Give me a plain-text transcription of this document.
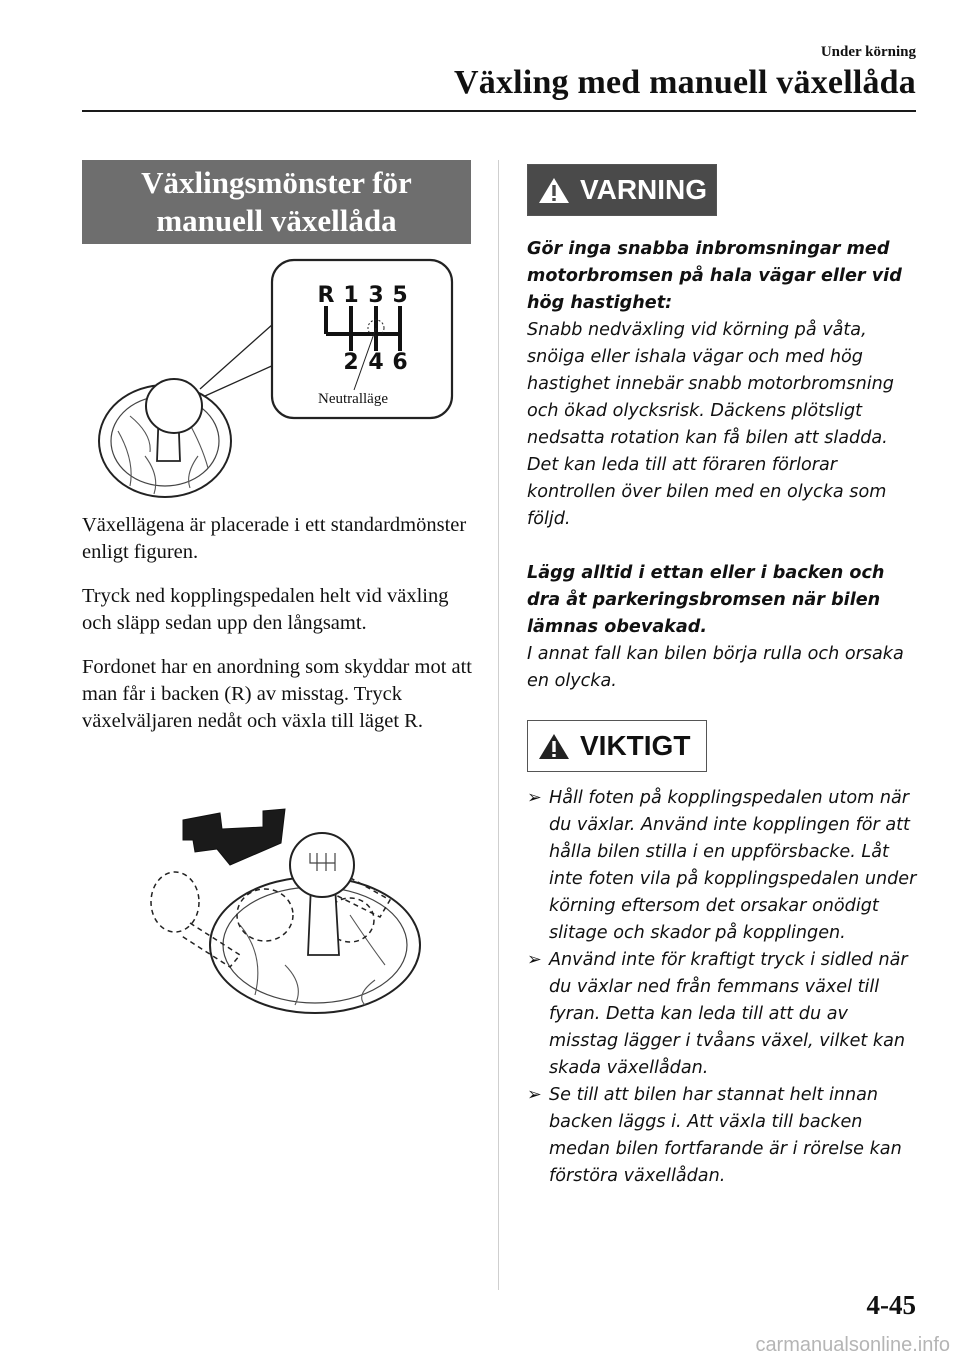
Under körning
Växling med manuell växellåda
Växlingsmönster för
manuell växellåda
R 1 3 5
2 4 6
Neutralläge

Växellägena är placerade i ett standardmönster enligt figuren.

Tryck ned kopplingspedalen helt vid växling och släpp sedan upp den långsamt.

Fordonet har en anordning som skyddar mot att man får i backen (R) av misstag. Tryck växelväljaren nedåt och växla till läget R.

VARNING

Gör inga snabba inbromsningar med motorbromsen på hala vägar eller vid hög hastighet:

Snabb nedväxling vid körning på våta, snöiga eller ishala vägar och med hög hastighet innebär snabb motorbromsning och ökad olycksrisk. Däckens plötsligt nedsatta rotation kan få bilen att sladda. Det kan leda till att föraren förlorar kontrollen över bilen med en olycka som följd.

Lägg alltid i ettan eller i backen och dra åt parkeringsbromsen när bilen lämnas obevakad.

I annat fall kan bilen börja rulla och orsaka en olycka.

VIKTIGT
➢ Håll foten på kopplingspedalen utom när du växlar. Använd inte kopplingen för att hålla bilen stilla i en uppförsbacke. Låt inte foten vila på kopplingspedalen under körning eftersom det orsakar onödigt slitage och skador på kopplingen.
➢ Använd inte för kraftigt tryck i sidled när du växlar ned från femmans växel till fyran. Detta kan leda till att du av misstag lägger i tvåans växel, vilket kan skada växellådan.
➢ Se till att bilen har stannat helt innan backen läggs i. Att växla till backen medan bilen fortfarande är i rörelse kan förstöra växellådan.
4-45
carmanualsonline.info
